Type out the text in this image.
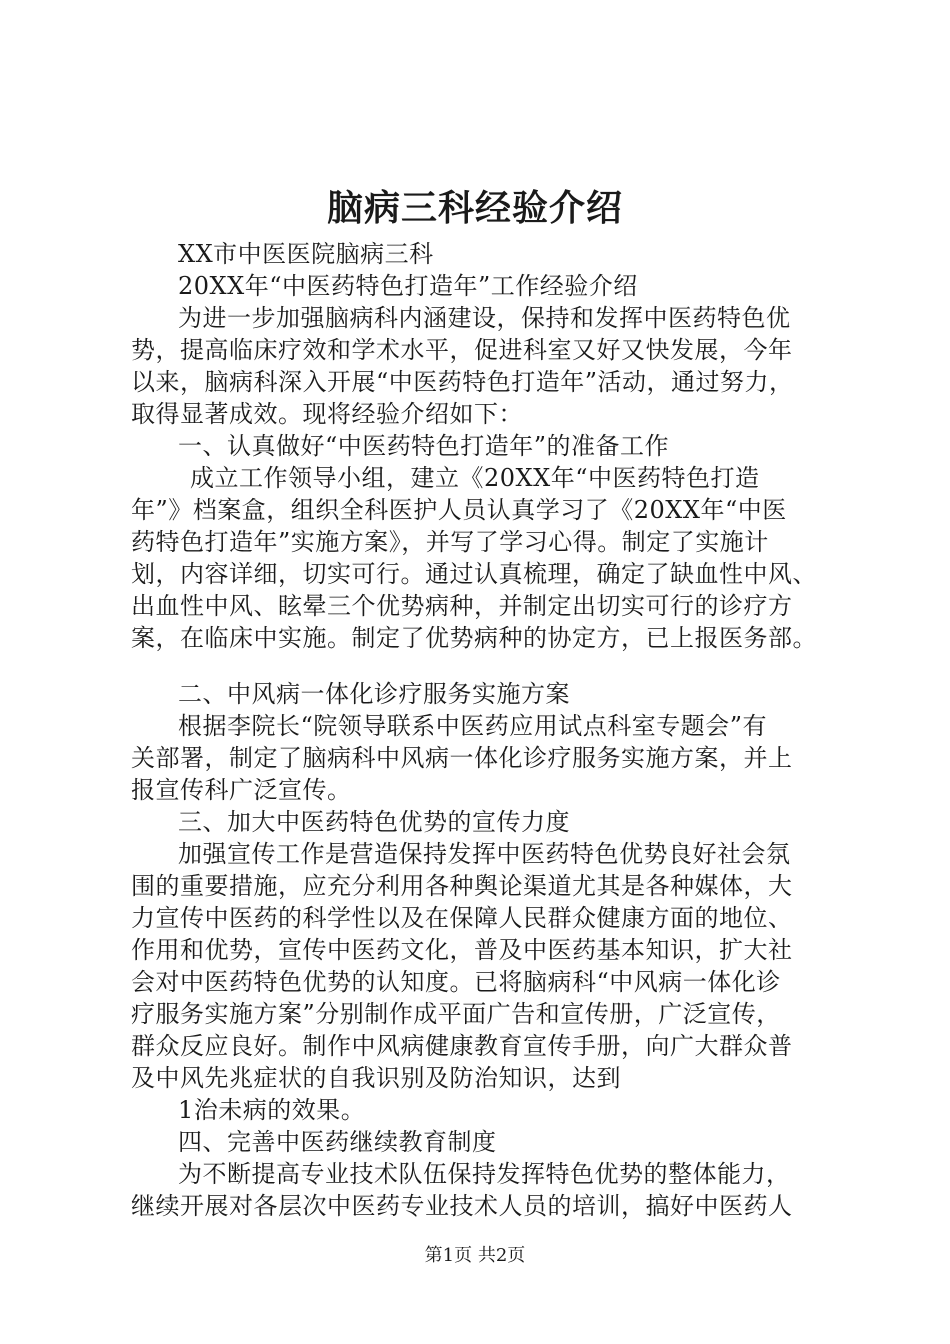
脑病三科经验介绍
XX市中医医院脑病三科
20XX年“中医药特色打造年”工作经验介绍
为进一步加强脑病科内涵建设，保持和发挥中医药特色优
势，提高临床疗效和学术水平，促进科室又好又快发展，今年
以来，脑病科深入开展“中医药特色打造年”活动，通过努力，
取得显著成效。现将经验介绍如下：
一、认真做好“中医药特色打造年”的准备工作
成立工作领导小组，建立《20XX年“中医药特色打造
年”》档案盒，组织全科医护人员认真学习了《20XX年“中医
药特色打造年”实施方案》，并写了学习心得。制定了实施计
划，内容详细，切实可行。通过认真梳理，确定了缺血性中风、
出血性中风、眩晕三个优势病种，并制定出切实可行的诊疗方
案，在临床中实施。制定了优势病种的协定方，已上报医务部。
二、中风病一体化诊疗服务实施方案
根据李院长“院领导联系中医药应用试点科室专题会”有
关部署，制定了脑病科中风病一体化诊疗服务实施方案，并上
报宣传科广泛宣传。
三、加大中医药特色优势的宣传力度
加强宣传工作是营造保持发挥中医药特色优势良好社会氛
围的重要措施，应充分利用各种舆论渠道尤其是各种媒体，大
力宣传中医药的科学性以及在保障人民群众健康方面的地位、
作用和优势，宣传中医药文化，普及中医药基本知识，扩大社
会对中医药特色优势的认知度。已将脑病科“中风病一体化诊
疗服务实施方案”分别制作成平面广告和宣传册，广泛宣传，
群众反应良好。制作中风病健康教育宣传手册，向广大群众普
及中风先兆症状的自我识别及防治知识，达到
1治未病的效果。
四、完善中医药继续教育制度
为不断提高专业技术队伍保持发挥特色优势的整体能力，
继续开展对各层次中医药专业技术人员的培训，搞好中医药人
第1页 共2页
